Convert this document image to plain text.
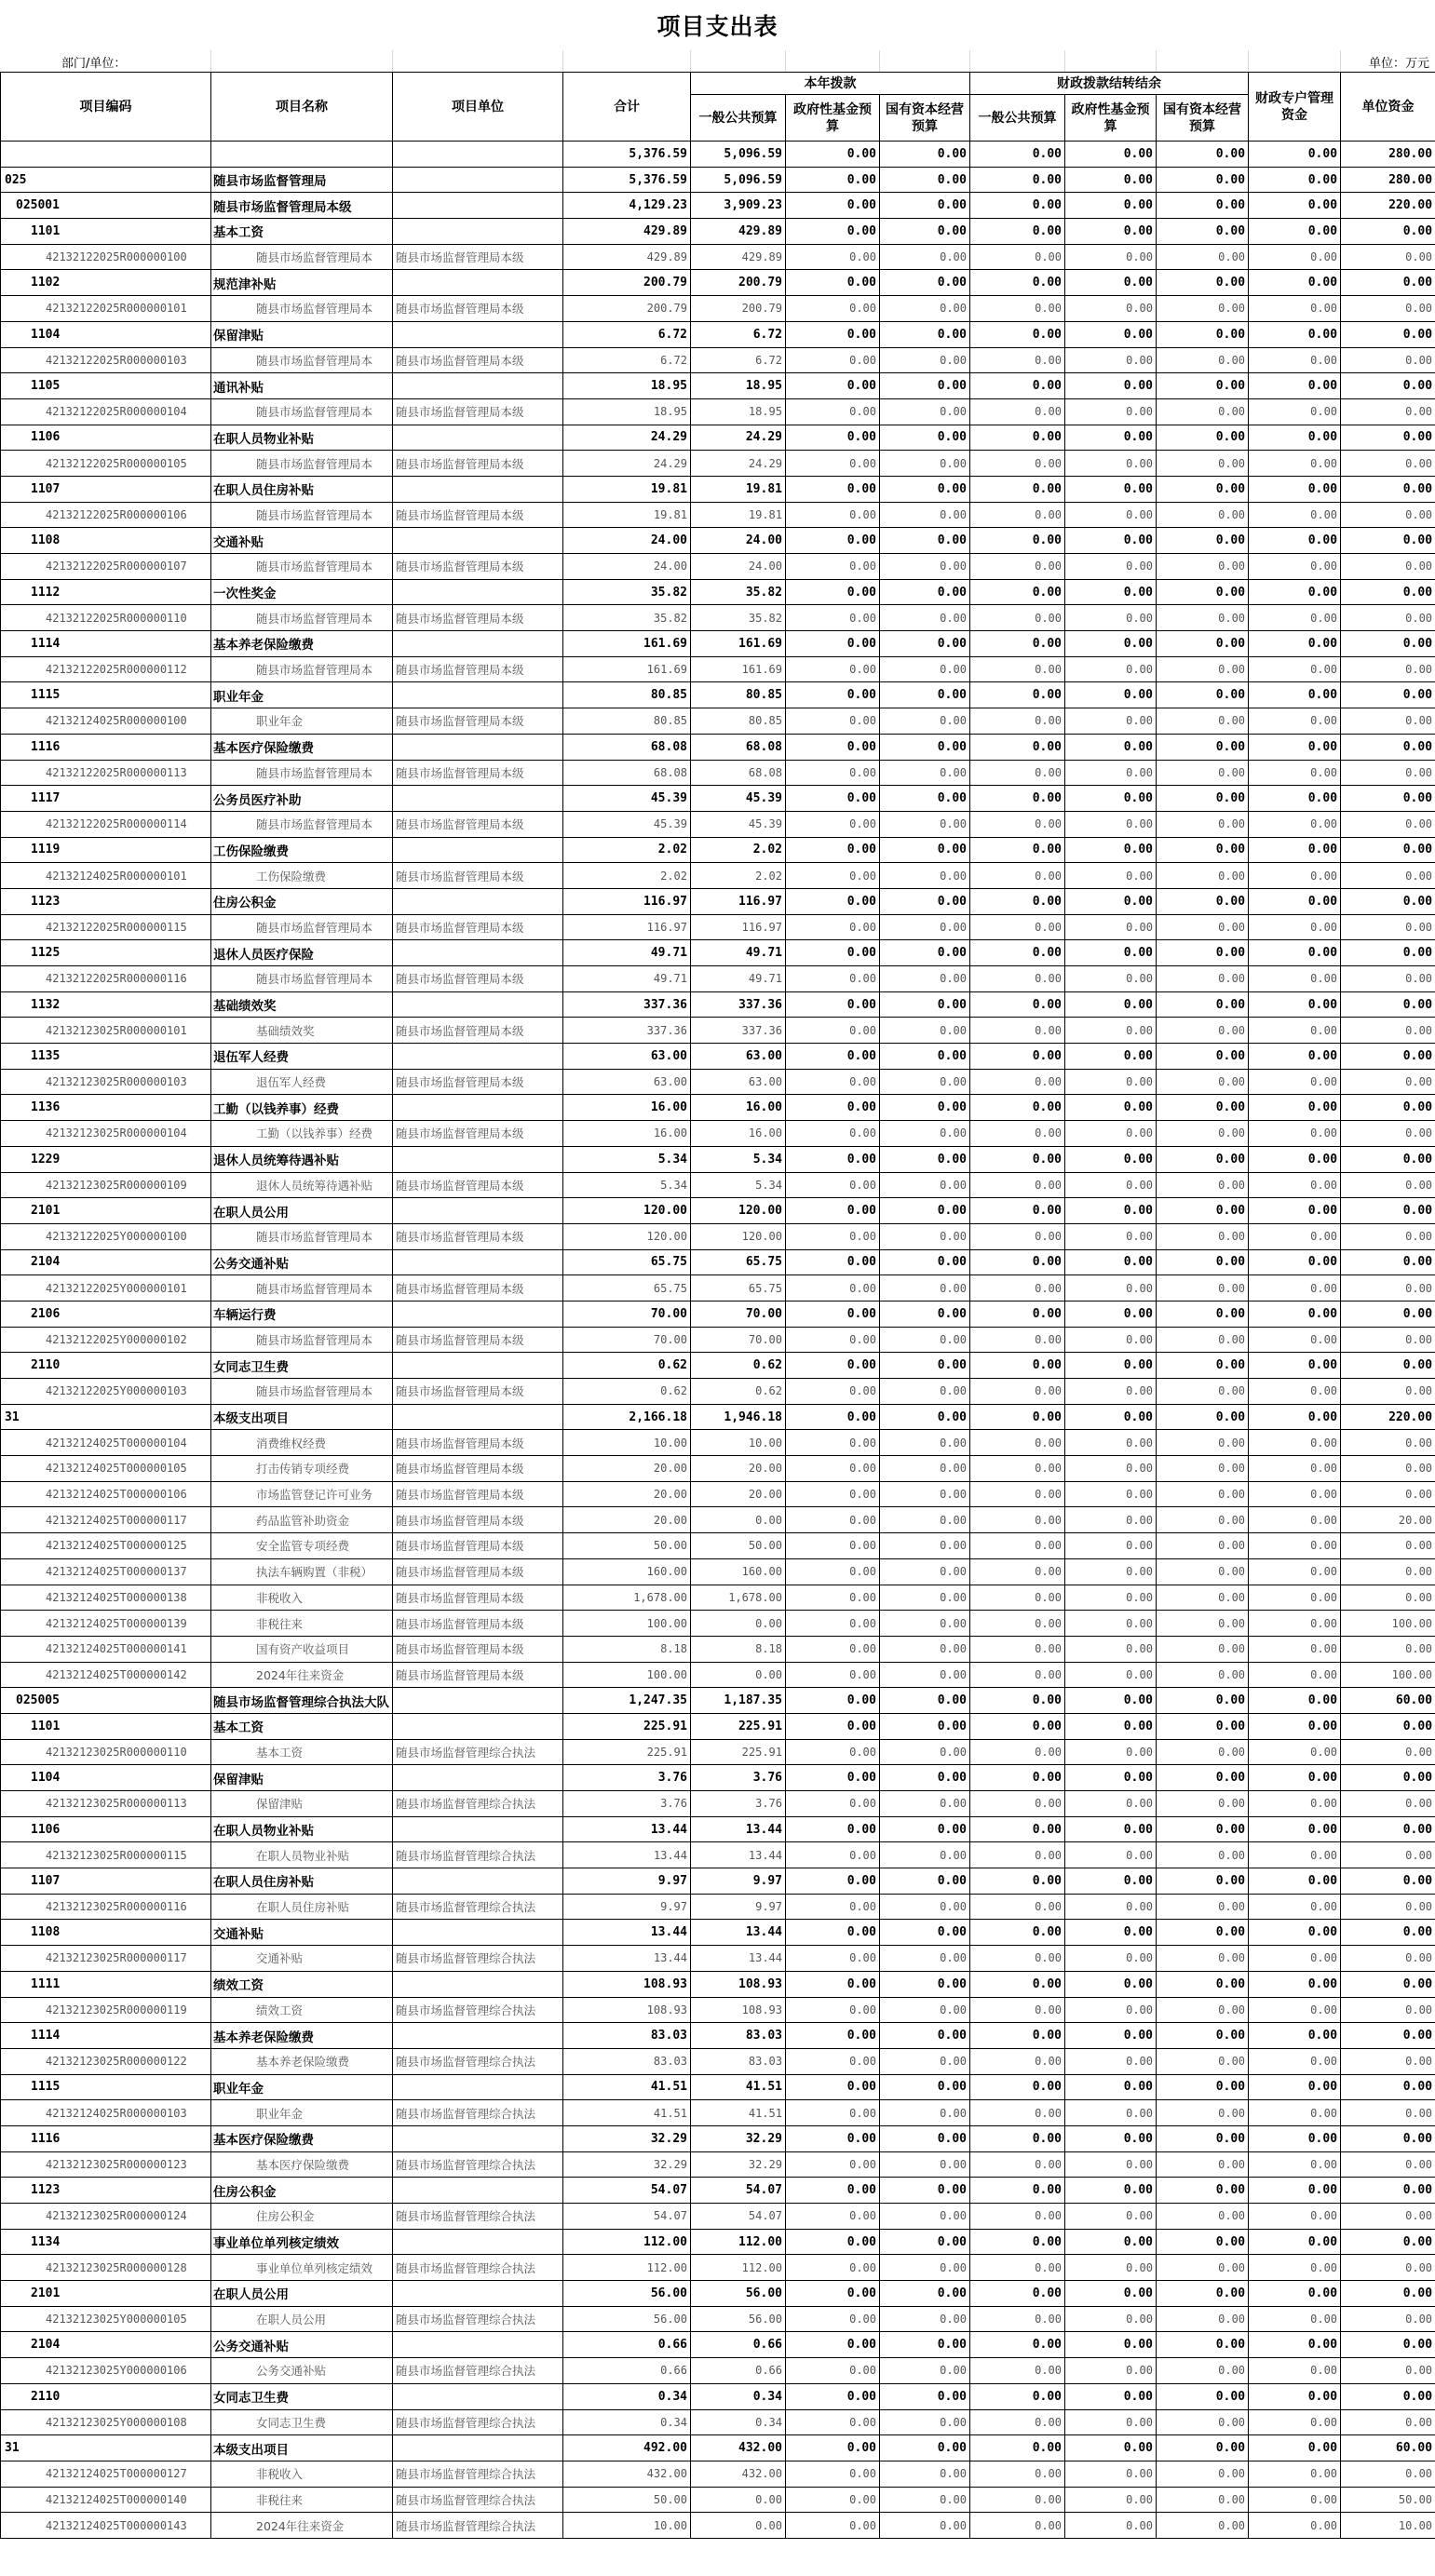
项目支出表
部门/单位：	单位：万元
项目编码	项目名称	项目单位	合计	本年拨款			财政拨款结转结余			财政专户管理资金	单位资金
				一般公共预算	政府性基金预算	国有资本经营预算	一般公共预算	政府性基金预算	国有资本经营预算		
			5,376.59	5,096.59	0.00	0.00	0.00	0.00	0.00	0.00	280.00
025	随县市场监督管理局		5,376.59	5,096.59	0.00	0.00	0.00	0.00	0.00	0.00	280.00
025001	随县市场监督管理局本级		4,129.23	3,909.23	0.00	0.00	0.00	0.00	0.00	0.00	220.00
1101	基本工资		429.89	429.89	0.00	0.00	0.00	0.00	0.00	0.00	0.00
42132122025R000000100	随县市场监督管理局本	随县市场监督管理局本级	429.89	429.89	0.00	0.00	0.00	0.00	0.00	0.00	0.00
1102	规范津补贴		200.79	200.79	0.00	0.00	0.00	0.00	0.00	0.00	0.00
42132122025R000000101	随县市场监督管理局本	随县市场监督管理局本级	200.79	200.79	0.00	0.00	0.00	0.00	0.00	0.00	0.00
1104	保留津贴		6.72	6.72	0.00	0.00	0.00	0.00	0.00	0.00	0.00
42132122025R000000103	随县市场监督管理局本	随县市场监督管理局本级	6.72	6.72	0.00	0.00	0.00	0.00	0.00	0.00	0.00
1105	通讯补贴		18.95	18.95	0.00	0.00	0.00	0.00	0.00	0.00	0.00
42132122025R000000104	随县市场监督管理局本	随县市场监督管理局本级	18.95	18.95	0.00	0.00	0.00	0.00	0.00	0.00	0.00
1106	在职人员物业补贴		24.29	24.29	0.00	0.00	0.00	0.00	0.00	0.00	0.00
42132122025R000000105	随县市场监督管理局本	随县市场监督管理局本级	24.29	24.29	0.00	0.00	0.00	0.00	0.00	0.00	0.00
1107	在职人员住房补贴		19.81	19.81	0.00	0.00	0.00	0.00	0.00	0.00	0.00
42132122025R000000106	随县市场监督管理局本	随县市场监督管理局本级	19.81	19.81	0.00	0.00	0.00	0.00	0.00	0.00	0.00
1108	交通补贴		24.00	24.00	0.00	0.00	0.00	0.00	0.00	0.00	0.00
42132122025R000000107	随县市场监督管理局本	随县市场监督管理局本级	24.00	24.00	0.00	0.00	0.00	0.00	0.00	0.00	0.00
1112	一次性奖金		35.82	35.82	0.00	0.00	0.00	0.00	0.00	0.00	0.00
42132122025R000000110	随县市场监督管理局本	随县市场监督管理局本级	35.82	35.82	0.00	0.00	0.00	0.00	0.00	0.00	0.00
1114	基本养老保险缴费		161.69	161.69	0.00	0.00	0.00	0.00	0.00	0.00	0.00
42132122025R000000112	随县市场监督管理局本	随县市场监督管理局本级	161.69	161.69	0.00	0.00	0.00	0.00	0.00	0.00	0.00
1115	职业年金		80.85	80.85	0.00	0.00	0.00	0.00	0.00	0.00	0.00
42132124025R000000100	职业年金	随县市场监督管理局本级	80.85	80.85	0.00	0.00	0.00	0.00	0.00	0.00	0.00
1116	基本医疗保险缴费		68.08	68.08	0.00	0.00	0.00	0.00	0.00	0.00	0.00
42132122025R000000113	随县市场监督管理局本	随县市场监督管理局本级	68.08	68.08	0.00	0.00	0.00	0.00	0.00	0.00	0.00
1117	公务员医疗补助		45.39	45.39	0.00	0.00	0.00	0.00	0.00	0.00	0.00
42132122025R000000114	随县市场监督管理局本	随县市场监督管理局本级	45.39	45.39	0.00	0.00	0.00	0.00	0.00	0.00	0.00
1119	工伤保险缴费		2.02	2.02	0.00	0.00	0.00	0.00	0.00	0.00	0.00
42132124025R000000101	工伤保险缴费	随县市场监督管理局本级	2.02	2.02	0.00	0.00	0.00	0.00	0.00	0.00	0.00
1123	住房公积金		116.97	116.97	0.00	0.00	0.00	0.00	0.00	0.00	0.00
42132122025R000000115	随县市场监督管理局本	随县市场监督管理局本级	116.97	116.97	0.00	0.00	0.00	0.00	0.00	0.00	0.00
1125	退休人员医疗保险		49.71	49.71	0.00	0.00	0.00	0.00	0.00	0.00	0.00
42132122025R000000116	随县市场监督管理局本	随县市场监督管理局本级	49.71	49.71	0.00	0.00	0.00	0.00	0.00	0.00	0.00
1132	基础绩效奖		337.36	337.36	0.00	0.00	0.00	0.00	0.00	0.00	0.00
42132123025R000000101	基础绩效奖	随县市场监督管理局本级	337.36	337.36	0.00	0.00	0.00	0.00	0.00	0.00	0.00
1135	退伍军人经费		63.00	63.00	0.00	0.00	0.00	0.00	0.00	0.00	0.00
42132123025R000000103	退伍军人经费	随县市场监督管理局本级	63.00	63.00	0.00	0.00	0.00	0.00	0.00	0.00	0.00
1136	工勤（以钱养事）经费		16.00	16.00	0.00	0.00	0.00	0.00	0.00	0.00	0.00
42132123025R000000104	工勤（以钱养事）经费	随县市场监督管理局本级	16.00	16.00	0.00	0.00	0.00	0.00	0.00	0.00	0.00
1229	退休人员统筹待遇补贴		5.34	5.34	0.00	0.00	0.00	0.00	0.00	0.00	0.00
42132123025R000000109	退休人员统筹待遇补贴	随县市场监督管理局本级	5.34	5.34	0.00	0.00	0.00	0.00	0.00	0.00	0.00
2101	在职人员公用		120.00	120.00	0.00	0.00	0.00	0.00	0.00	0.00	0.00
42132122025Y000000100	随县市场监督管理局本	随县市场监督管理局本级	120.00	120.00	0.00	0.00	0.00	0.00	0.00	0.00	0.00
2104	公务交通补贴		65.75	65.75	0.00	0.00	0.00	0.00	0.00	0.00	0.00
42132122025Y000000101	随县市场监督管理局本	随县市场监督管理局本级	65.75	65.75	0.00	0.00	0.00	0.00	0.00	0.00	0.00
2106	车辆运行费		70.00	70.00	0.00	0.00	0.00	0.00	0.00	0.00	0.00
42132122025Y000000102	随县市场监督管理局本	随县市场监督管理局本级	70.00	70.00	0.00	0.00	0.00	0.00	0.00	0.00	0.00
2110	女同志卫生费		0.62	0.62	0.00	0.00	0.00	0.00	0.00	0.00	0.00
42132122025Y000000103	随县市场监督管理局本	随县市场监督管理局本级	0.62	0.62	0.00	0.00	0.00	0.00	0.00	0.00	0.00
31	本级支出项目		2,166.18	1,946.18	0.00	0.00	0.00	0.00	0.00	0.00	220.00
42132124025T000000104	消费维权经费	随县市场监督管理局本级	10.00	10.00	0.00	0.00	0.00	0.00	0.00	0.00	0.00
42132124025T000000105	打击传销专项经费	随县市场监督管理局本级	20.00	20.00	0.00	0.00	0.00	0.00	0.00	0.00	0.00
42132124025T000000106	市场监管登记许可业务	随县市场监督管理局本级	20.00	20.00	0.00	0.00	0.00	0.00	0.00	0.00	0.00
42132124025T000000117	药品监管补助资金	随县市场监督管理局本级	20.00	0.00	0.00	0.00	0.00	0.00	0.00	0.00	20.00
42132124025T000000125	安全监管专项经费	随县市场监督管理局本级	50.00	50.00	0.00	0.00	0.00	0.00	0.00	0.00	0.00
42132124025T000000137	执法车辆购置（非税）	随县市场监督管理局本级	160.00	160.00	0.00	0.00	0.00	0.00	0.00	0.00	0.00
42132124025T000000138	非税收入	随县市场监督管理局本级	1,678.00	1,678.00	0.00	0.00	0.00	0.00	0.00	0.00	0.00
42132124025T000000139	非税往来	随县市场监督管理局本级	100.00	0.00	0.00	0.00	0.00	0.00	0.00	0.00	100.00
42132124025T000000141	国有资产收益项目	随县市场监督管理局本级	8.18	8.18	0.00	0.00	0.00	0.00	0.00	0.00	0.00
42132124025T000000142	2024年往来资金	随县市场监督管理局本级	100.00	0.00	0.00	0.00	0.00	0.00	0.00	0.00	100.00
025005	随县市场监督管理综合执法大队		1,247.35	1,187.35	0.00	0.00	0.00	0.00	0.00	0.00	60.00
1101	基本工资		225.91	225.91	0.00	0.00	0.00	0.00	0.00	0.00	0.00
42132123025R000000110	基本工资	随县市场监督管理综合执法	225.91	225.91	0.00	0.00	0.00	0.00	0.00	0.00	0.00
1104	保留津贴		3.76	3.76	0.00	0.00	0.00	0.00	0.00	0.00	0.00
42132123025R000000113	保留津贴	随县市场监督管理综合执法	3.76	3.76	0.00	0.00	0.00	0.00	0.00	0.00	0.00
1106	在职人员物业补贴		13.44	13.44	0.00	0.00	0.00	0.00	0.00	0.00	0.00
42132123025R000000115	在职人员物业补贴	随县市场监督管理综合执法	13.44	13.44	0.00	0.00	0.00	0.00	0.00	0.00	0.00
1107	在职人员住房补贴		9.97	9.97	0.00	0.00	0.00	0.00	0.00	0.00	0.00
42132123025R000000116	在职人员住房补贴	随县市场监督管理综合执法	9.97	9.97	0.00	0.00	0.00	0.00	0.00	0.00	0.00
1108	交通补贴		13.44	13.44	0.00	0.00	0.00	0.00	0.00	0.00	0.00
42132123025R000000117	交通补贴	随县市场监督管理综合执法	13.44	13.44	0.00	0.00	0.00	0.00	0.00	0.00	0.00
1111	绩效工资		108.93	108.93	0.00	0.00	0.00	0.00	0.00	0.00	0.00
42132123025R000000119	绩效工资	随县市场监督管理综合执法	108.93	108.93	0.00	0.00	0.00	0.00	0.00	0.00	0.00
1114	基本养老保险缴费		83.03	83.03	0.00	0.00	0.00	0.00	0.00	0.00	0.00
42132123025R000000122	基本养老保险缴费	随县市场监督管理综合执法	83.03	83.03	0.00	0.00	0.00	0.00	0.00	0.00	0.00
1115	职业年金		41.51	41.51	0.00	0.00	0.00	0.00	0.00	0.00	0.00
42132124025R000000103	职业年金	随县市场监督管理综合执法	41.51	41.51	0.00	0.00	0.00	0.00	0.00	0.00	0.00
1116	基本医疗保险缴费		32.29	32.29	0.00	0.00	0.00	0.00	0.00	0.00	0.00
42132123025R000000123	基本医疗保险缴费	随县市场监督管理综合执法	32.29	32.29	0.00	0.00	0.00	0.00	0.00	0.00	0.00
1123	住房公积金		54.07	54.07	0.00	0.00	0.00	0.00	0.00	0.00	0.00
42132123025R000000124	住房公积金	随县市场监督管理综合执法	54.07	54.07	0.00	0.00	0.00	0.00	0.00	0.00	0.00
1134	事业单位单列核定绩效		112.00	112.00	0.00	0.00	0.00	0.00	0.00	0.00	0.00
42132123025R000000128	事业单位单列核定绩效	随县市场监督管理综合执法	112.00	112.00	0.00	0.00	0.00	0.00	0.00	0.00	0.00
2101	在职人员公用		56.00	56.00	0.00	0.00	0.00	0.00	0.00	0.00	0.00
42132123025Y000000105	在职人员公用	随县市场监督管理综合执法	56.00	56.00	0.00	0.00	0.00	0.00	0.00	0.00	0.00
2104	公务交通补贴		0.66	0.66	0.00	0.00	0.00	0.00	0.00	0.00	0.00
42132123025Y000000106	公务交通补贴	随县市场监督管理综合执法	0.66	0.66	0.00	0.00	0.00	0.00	0.00	0.00	0.00
2110	女同志卫生费		0.34	0.34	0.00	0.00	0.00	0.00	0.00	0.00	0.00
42132123025Y000000108	女同志卫生费	随县市场监督管理综合执法	0.34	0.34	0.00	0.00	0.00	0.00	0.00	0.00	0.00
31	本级支出项目		492.00	432.00	0.00	0.00	0.00	0.00	0.00	0.00	60.00
42132124025T000000127	非税收入	随县市场监督管理综合执法	432.00	432.00	0.00	0.00	0.00	0.00	0.00	0.00	0.00
42132124025T000000140	非税往来	随县市场监督管理综合执法	50.00	0.00	0.00	0.00	0.00	0.00	0.00	0.00	50.00
42132124025T000000143	2024年往来资金	随县市场监督管理综合执法	10.00	0.00	0.00	0.00	0.00	0.00	0.00	0.00	10.00
